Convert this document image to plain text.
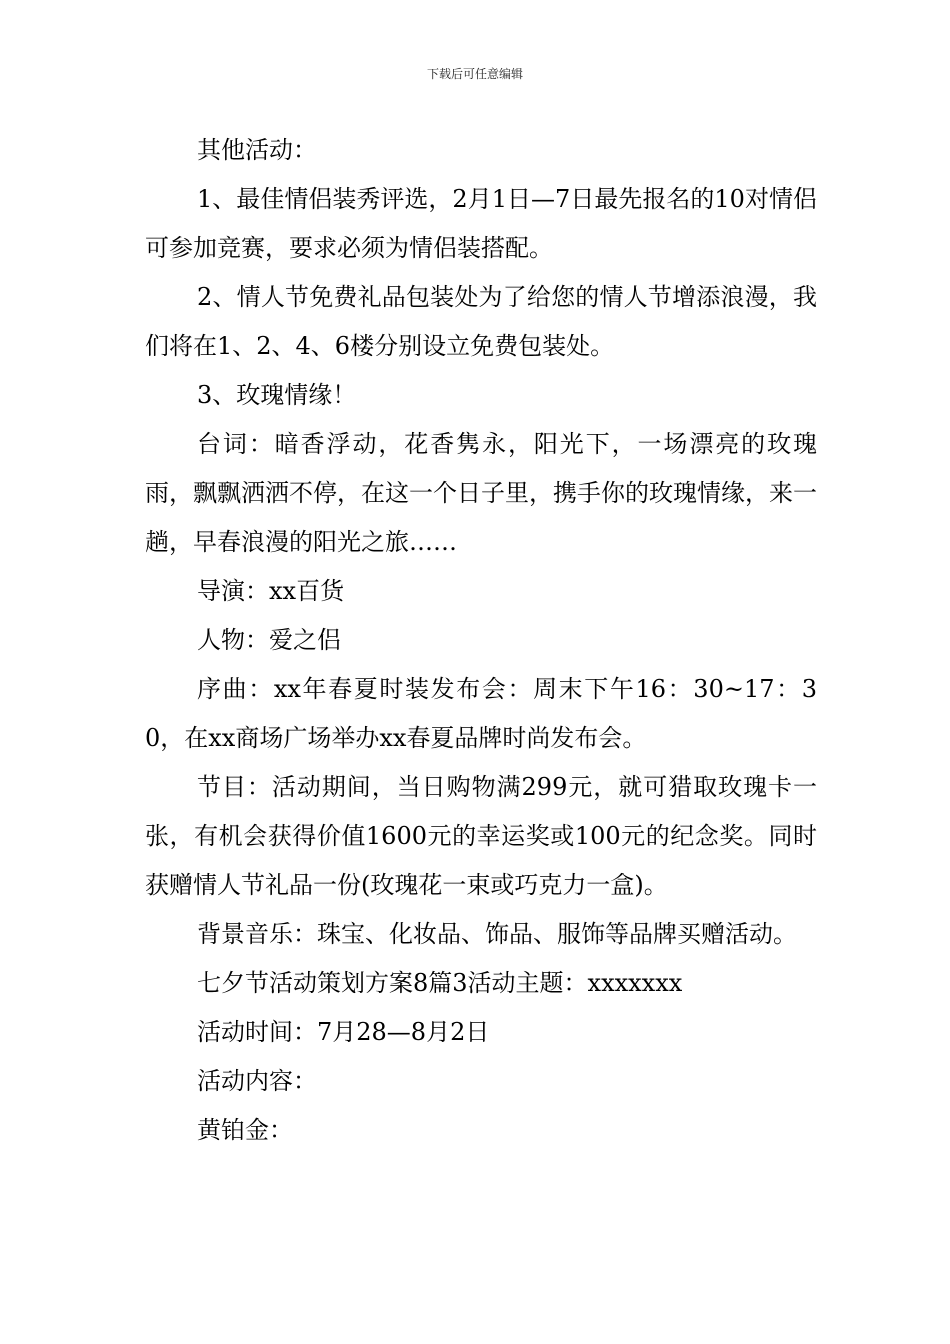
下载后可任意编辑

其他活动：

1、最佳情侣装秀评选，2月1日—7日最先报名的10对情侣可参加竞赛，要求必须为情侣装搭配。

2、情人节免费礼品包装处为了给您的情人节增添浪漫，我们将在1、2、4、6楼分别设立免费包装处。

3、玫瑰情缘！

台词：暗香浮动，花香隽永，阳光下，一场漂亮的玫瑰雨，飘飘洒洒不停，在这一个日子里，携手你的玫瑰情缘，来一趟，早春浪漫的阳光之旅……

导演：xx百货

人物：爱之侣

序曲：xx年春夏时装发布会：周末下午16：30~17：30，在xx商场广场举办xx春夏品牌时尚发布会。

节目：活动期间，当日购物满299元，就可猎取玫瑰卡一张，有机会获得价值1600元的幸运奖或100元的纪念奖。同时获赠情人节礼品一份(玫瑰花一束或巧克力一盒)。

背景音乐：珠宝、化妆品、饰品、服饰等品牌买赠活动。

七夕节活动策划方案8篇3活动主题：xxxxxxx

活动时间：7月28—8月2日

活动内容：

黄铂金：
